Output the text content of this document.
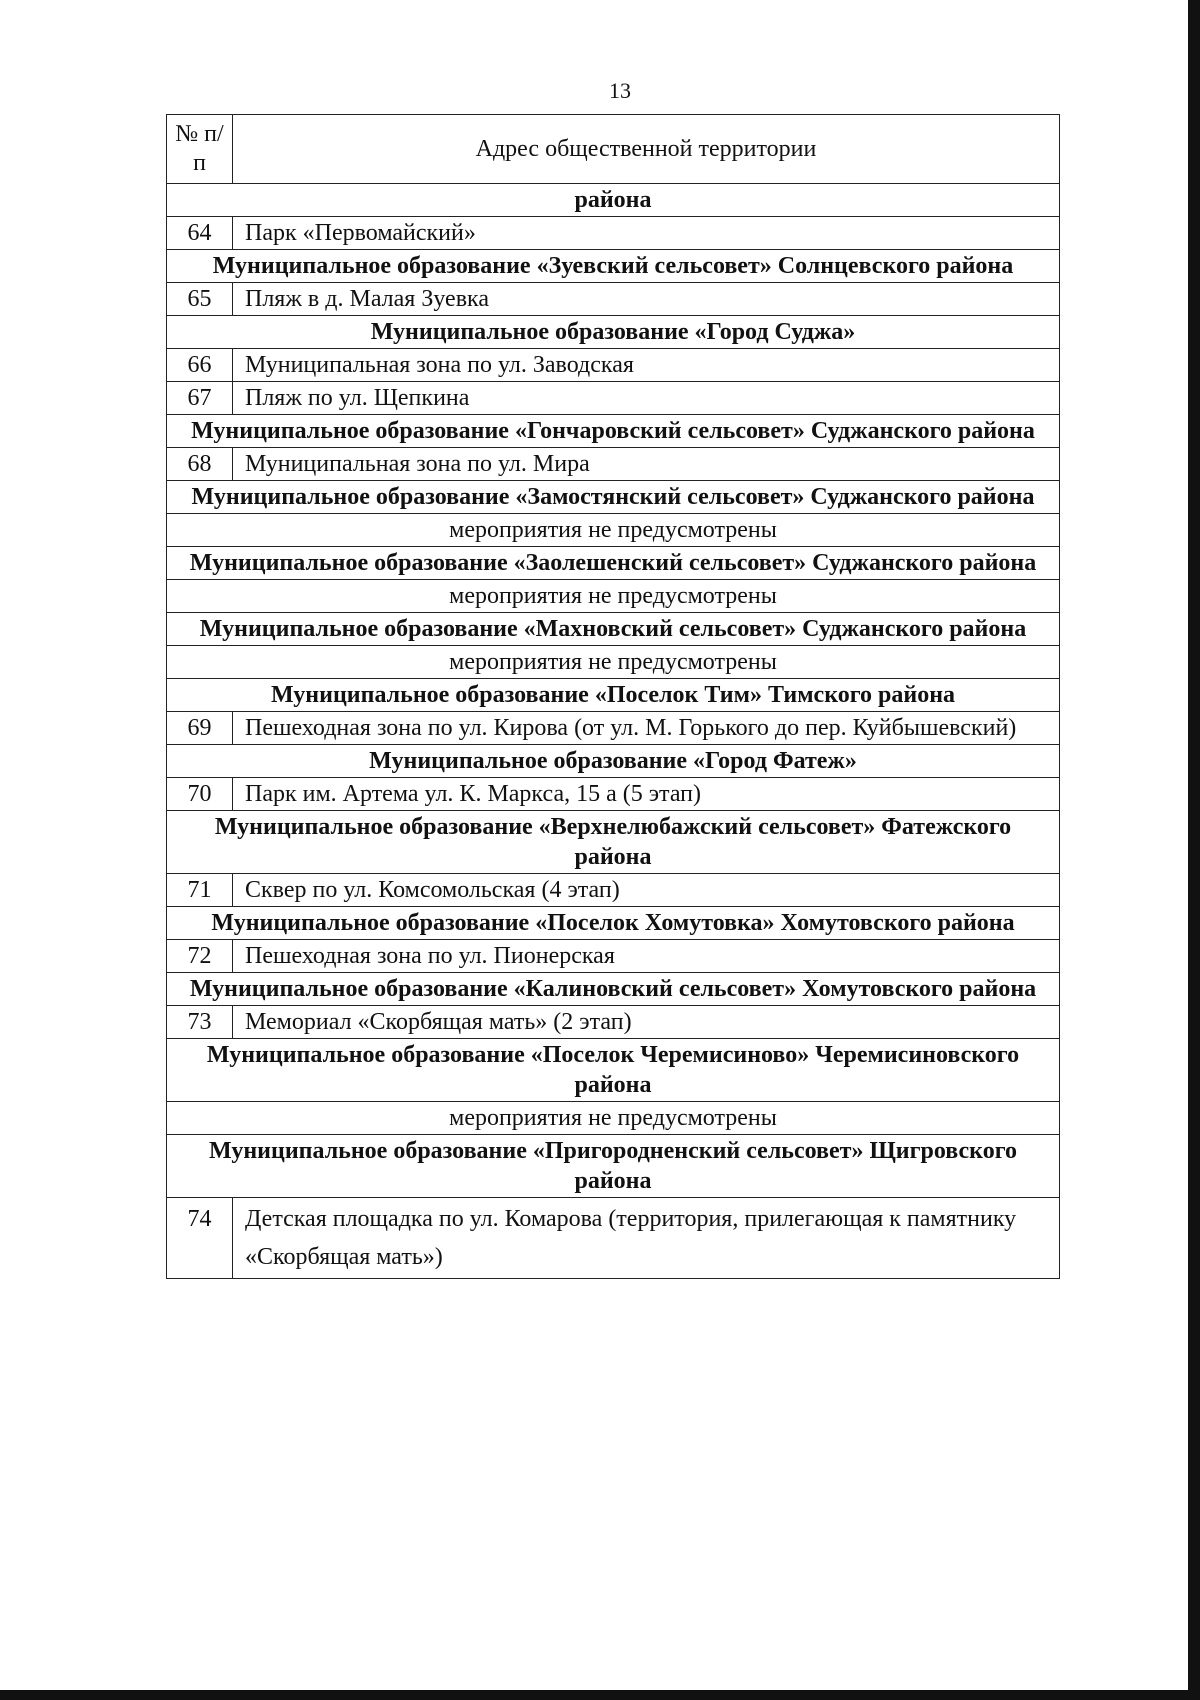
13
№ п/п	Адрес общественной территории
района	
64	Парк «Первомайский»
Муниципальное образование «Зуевский сельсовет» Солнцевского района	
65	Пляж в д. Малая Зуевка
Муниципальное образование «Город Суджа»	
66	Муниципальная зона по ул. Заводская
67	Пляж по ул. Щепкина
Муниципальное образование «Гончаровский сельсовет» Суджанского района	
68	Муниципальная зона по ул. Мира
Муниципальное образование «Замостянский сельсовет» Суджанского района	
мероприятия не предусмотрены	
Муниципальное образование «Заолешенский сельсовет» Суджанского района	
мероприятия не предусмотрены	
Муниципальное образование «Махновский сельсовет» Суджанского района	
мероприятия не предусмотрены	
Муниципальное образование «Поселок Тим» Тимского района	
69	Пешеходная зона по ул. Кирова (от ул. М. Горького до пер. Куйбышевский)
Муниципальное образование «Город Фатеж»	
70	Парк им. Артема ул. К. Маркса, 15 а (5 этап)
Муниципальное образование «Верхнелюбажский сельсовет» Фатежского района	
71	Сквер по ул. Комсомольская (4 этап)
Муниципальное образование «Поселок Хомутовка» Хомутовского района	
72	Пешеходная зона по ул. Пионерская
Муниципальное образование «Калиновский сельсовет» Хомутовского района	
73	Мемориал «Скорбящая мать» (2 этап)
Муниципальное образование «Поселок Черемисиново» Черемисиновского района	
мероприятия не предусмотрены	
Муниципальное образование «Пригородненский сельсовет» Щигровского района	
74	Детская площадка по ул. Комарова (территория, прилегающая к памятнику «Скорбящая мать»)
